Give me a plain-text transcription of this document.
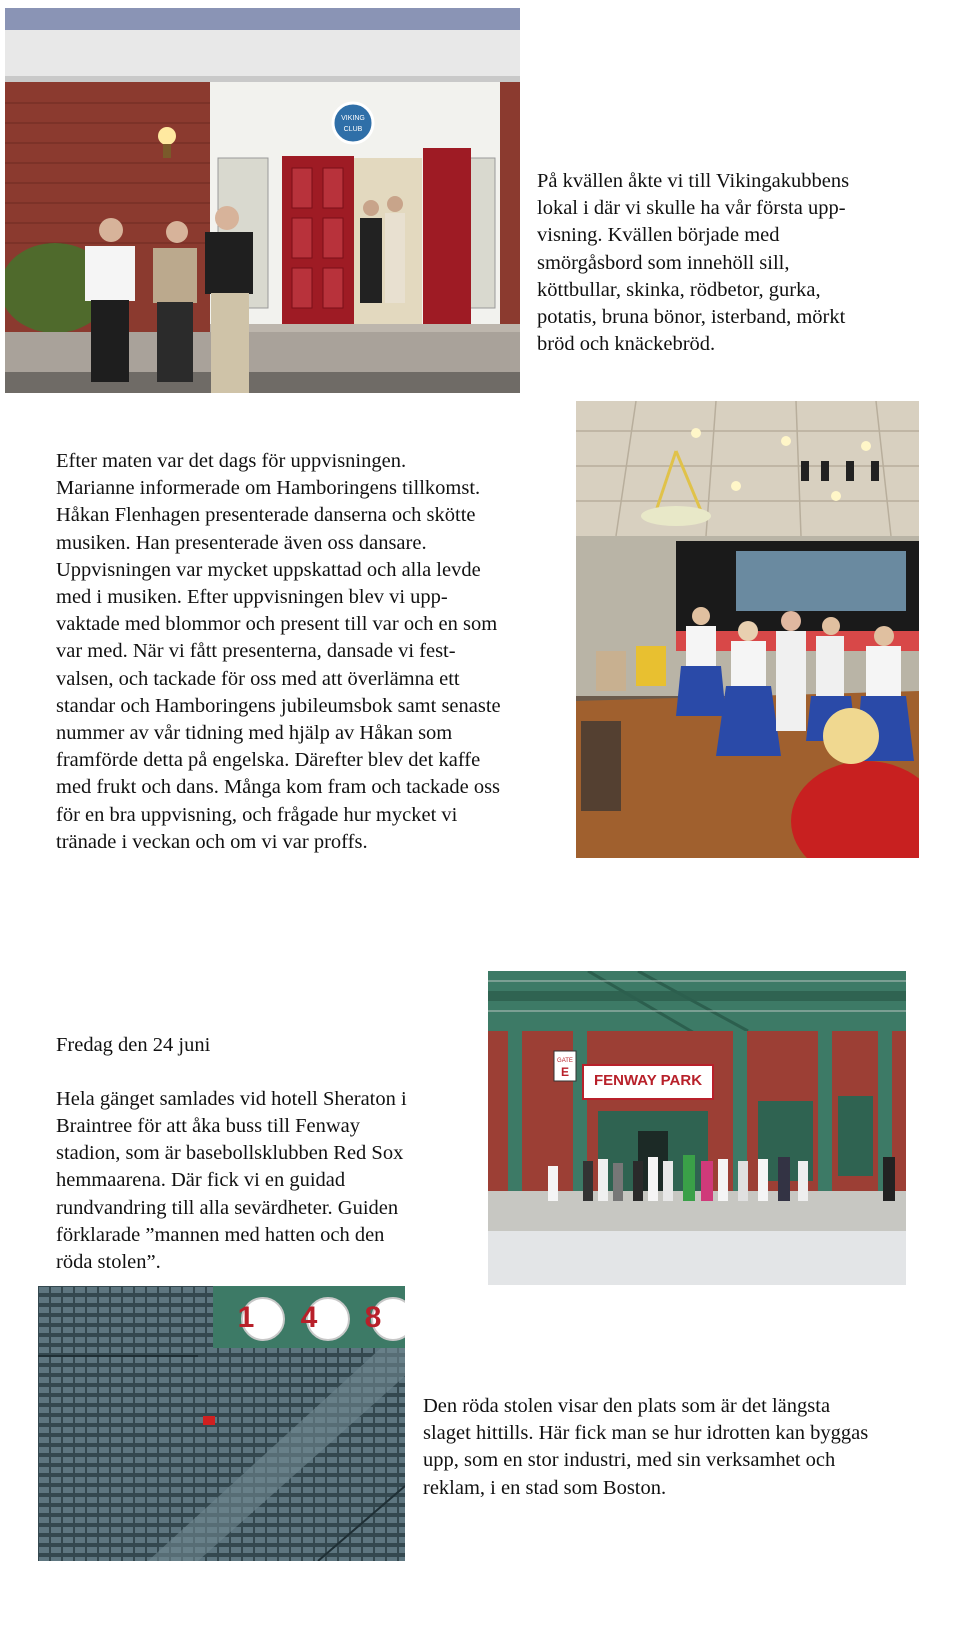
VIKING
CLUB

På kvällen åkte vi till Vikingakubbens

lokal i där vi skulle ha vår första upp-

visning. Kvällen började med

smörgåsbord som innehöll sill,

köttbullar, skinka, rödbetor, gurka,

potatis, bruna bönor, isterband, mörkt

bröd och knäckebröd.

Efter maten var det dags för uppvisningen.

Marianne informerade om Hamboringens tillkomst.

Håkan Flenhagen presenterade danserna och skötte

musiken. Han presenterade även oss dansare.

Uppvisningen var mycket uppskattad och alla levde

med i musiken. Efter uppvisningen blev vi upp-

vaktade med blommor och present till var och en som

var med. När vi fått presenterna, dansade vi fest-

valsen, och tackade för oss med att överlämna ett

standar och Hamboringens jubileumsbok samt senaste

nummer av vår tidning med hjälp av Håkan som

framförde detta på engelska. Därefter blev det kaffe

med frukt och dans. Många kom fram och tackade oss

för en bra uppvisning, och frågade hur mycket vi

tränade i veckan och om vi var proffs.

GATE
E FENWAY PARK

Fredag den 24 juni

Hela gänget samlades vid hotell Sheraton i

Braintree för att åka buss till Fenway

stadion, som är basebollsklubben Red Sox

hemmaarena. Där fick vi en guidad

rundvandring till alla sevärdheter. Guiden

förklarade ”mannen med hatten och den

röda stolen”.

1	4	8

Den röda stolen visar den plats som är det längsta

slaget hittills. Här fick man se hur idrotten kan byggas

upp, som en stor industri, med sin verksamhet och

reklam, i en stad som Boston.
